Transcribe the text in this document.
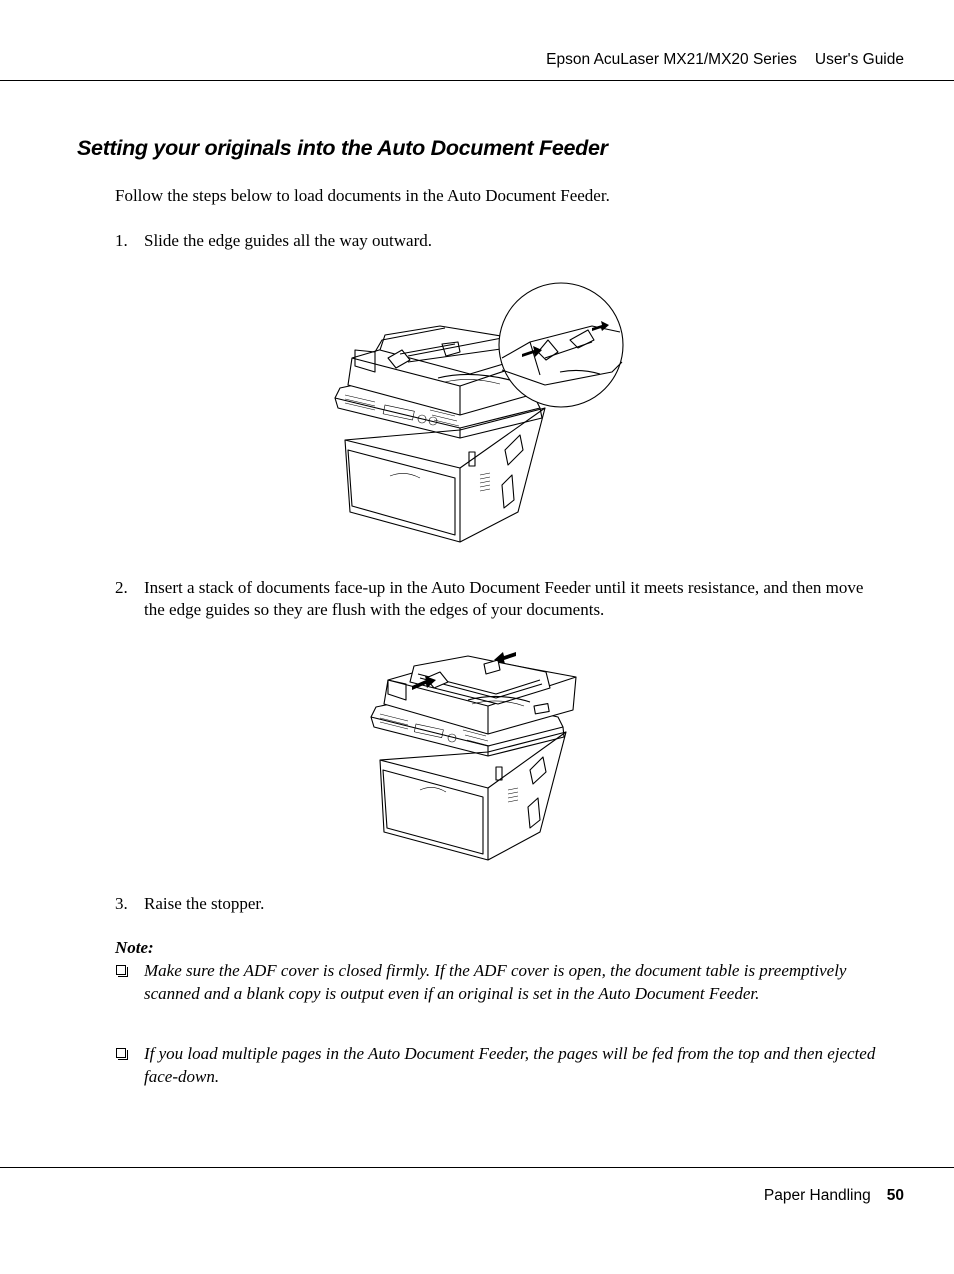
Epson AcuLaser MX21/MX20 Series User's Guide
Setting your originals into the Auto Document Feeder

Follow the steps below to load documents in the Auto Document Feeder.

1. Slide the edge guides all the way outward.
2. Insert a stack of documents face-up in the Auto Document Feeder until it meets resistance, and then move the edge guides so they are flush with the edges of your documents.
3. Raise the stopper.

Note:

Make sure the ADF cover is closed firmly. If the ADF cover is open, the document table is preemptively scanned and a blank copy is output even if an original is set in the Auto Document Feeder.
If you load multiple pages in the Auto Document Feeder, the pages will be fed from the top and then ejected face-down.
Paper Handling 50
